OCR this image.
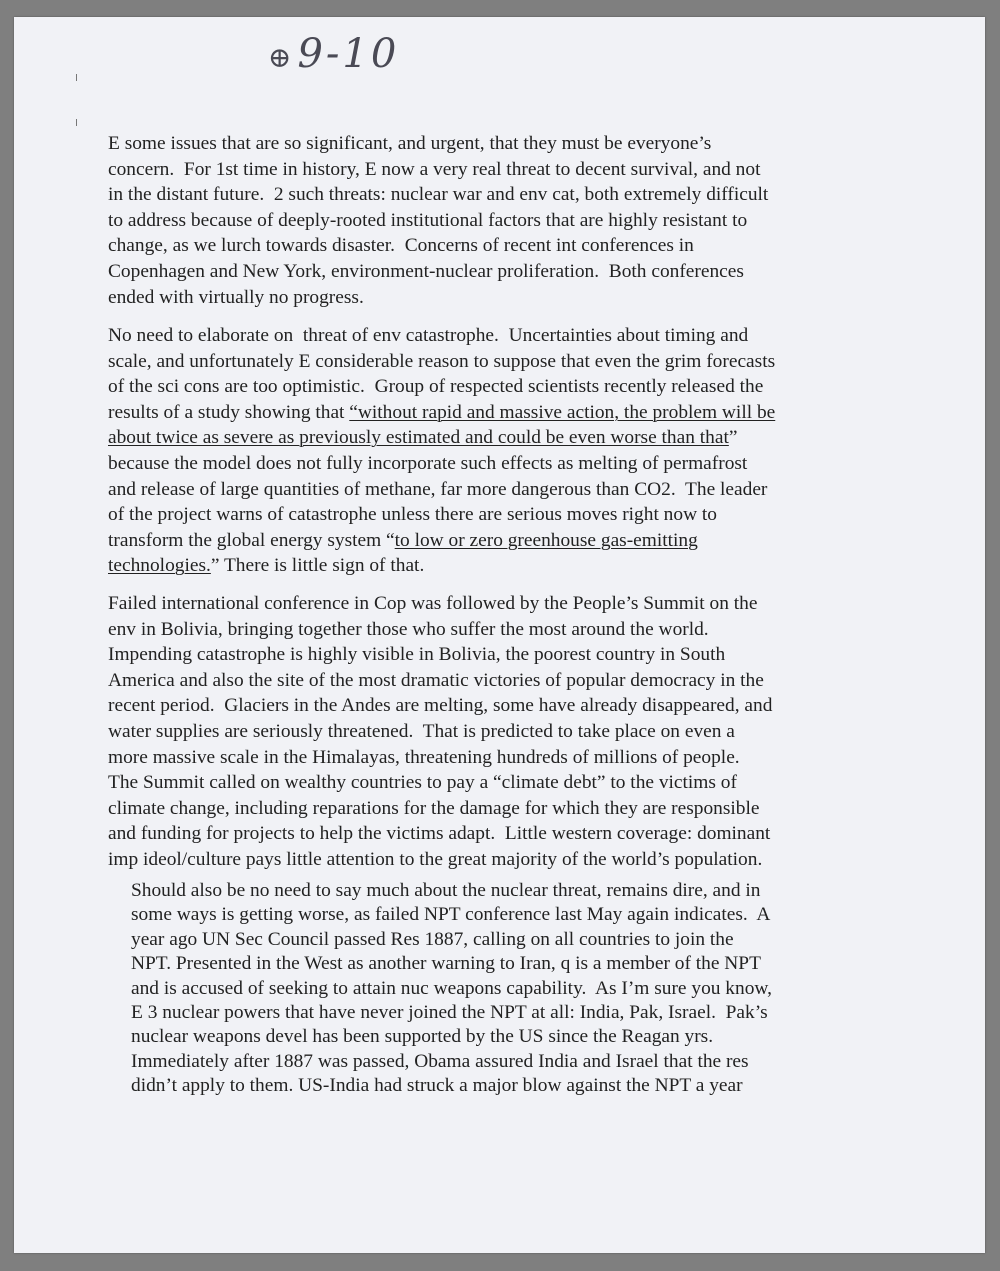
⊕ 9-10
E some issues that are so significant, and urgent, that they must be everyone’s
concern.  For 1st time in history, E now a very real threat to decent survival, and not
in the distant future.  2 such threats: nuclear war and env cat, both extremely difficult
to address because of deeply-rooted institutional factors that are highly resistant to
change, as we lurch towards disaster.  Concerns of recent int conferences in
Copenhagen and New York, environment-nuclear proliferation.  Both conferences
ended with virtually no progress.
No need to elaborate on  threat of env catastrophe.  Uncertainties about timing and
scale, and unfortunately E considerable reason to suppose that even the grim forecasts
of the sci cons are too optimistic.  Group of respected scientists recently released the
results of a study showing that “without rapid and massive action, the problem will be
about twice as severe as previously estimated and could be even worse than that”
because the model does not fully incorporate such effects as melting of permafrost
and release of large quantities of methane, far more dangerous than CO2.  The leader
of the project warns of catastrophe unless there are serious moves right now to
transform the global energy system “to low or zero greenhouse gas-emitting
technologies.” There is little sign of that.
Failed international conference in Cop was followed by the People’s Summit on the
env in Bolivia, bringing together those who suffer the most around the world.
Impending catastrophe is highly visible in Bolivia, the poorest country in South
America and also the site of the most dramatic victories of popular democracy in the
recent period.  Glaciers in the Andes are melting, some have already disappeared, and
water supplies are seriously threatened.  That is predicted to take place on even a
more massive scale in the Himalayas, threatening hundreds of millions of people.
The Summit called on wealthy countries to pay a “climate debt” to the victims of
climate change, including reparations for the damage for which they are responsible
and funding for projects to help the victims adapt.  Little western coverage: dominant
imp ideol/culture pays little attention to the great majority of the world’s population.
Should also be no need to say much about the nuclear threat, remains dire, and in
some ways is getting worse, as failed NPT conference last May again indicates.  A
year ago UN Sec Council passed Res 1887, calling on all countries to join the
NPT. Presented in the West as another warning to Iran, q is a member of the NPT
and is accused of seeking to attain nuc weapons capability.  As I’m sure you know,
E 3 nuclear powers that have never joined the NPT at all: India, Pak, Israel.  Pak’s
nuclear weapons devel has been supported by the US since the Reagan yrs.
Immediately after 1887 was passed, Obama assured India and Israel that the res
didn’t apply to them. US-India had struck a major blow against the NPT a year
